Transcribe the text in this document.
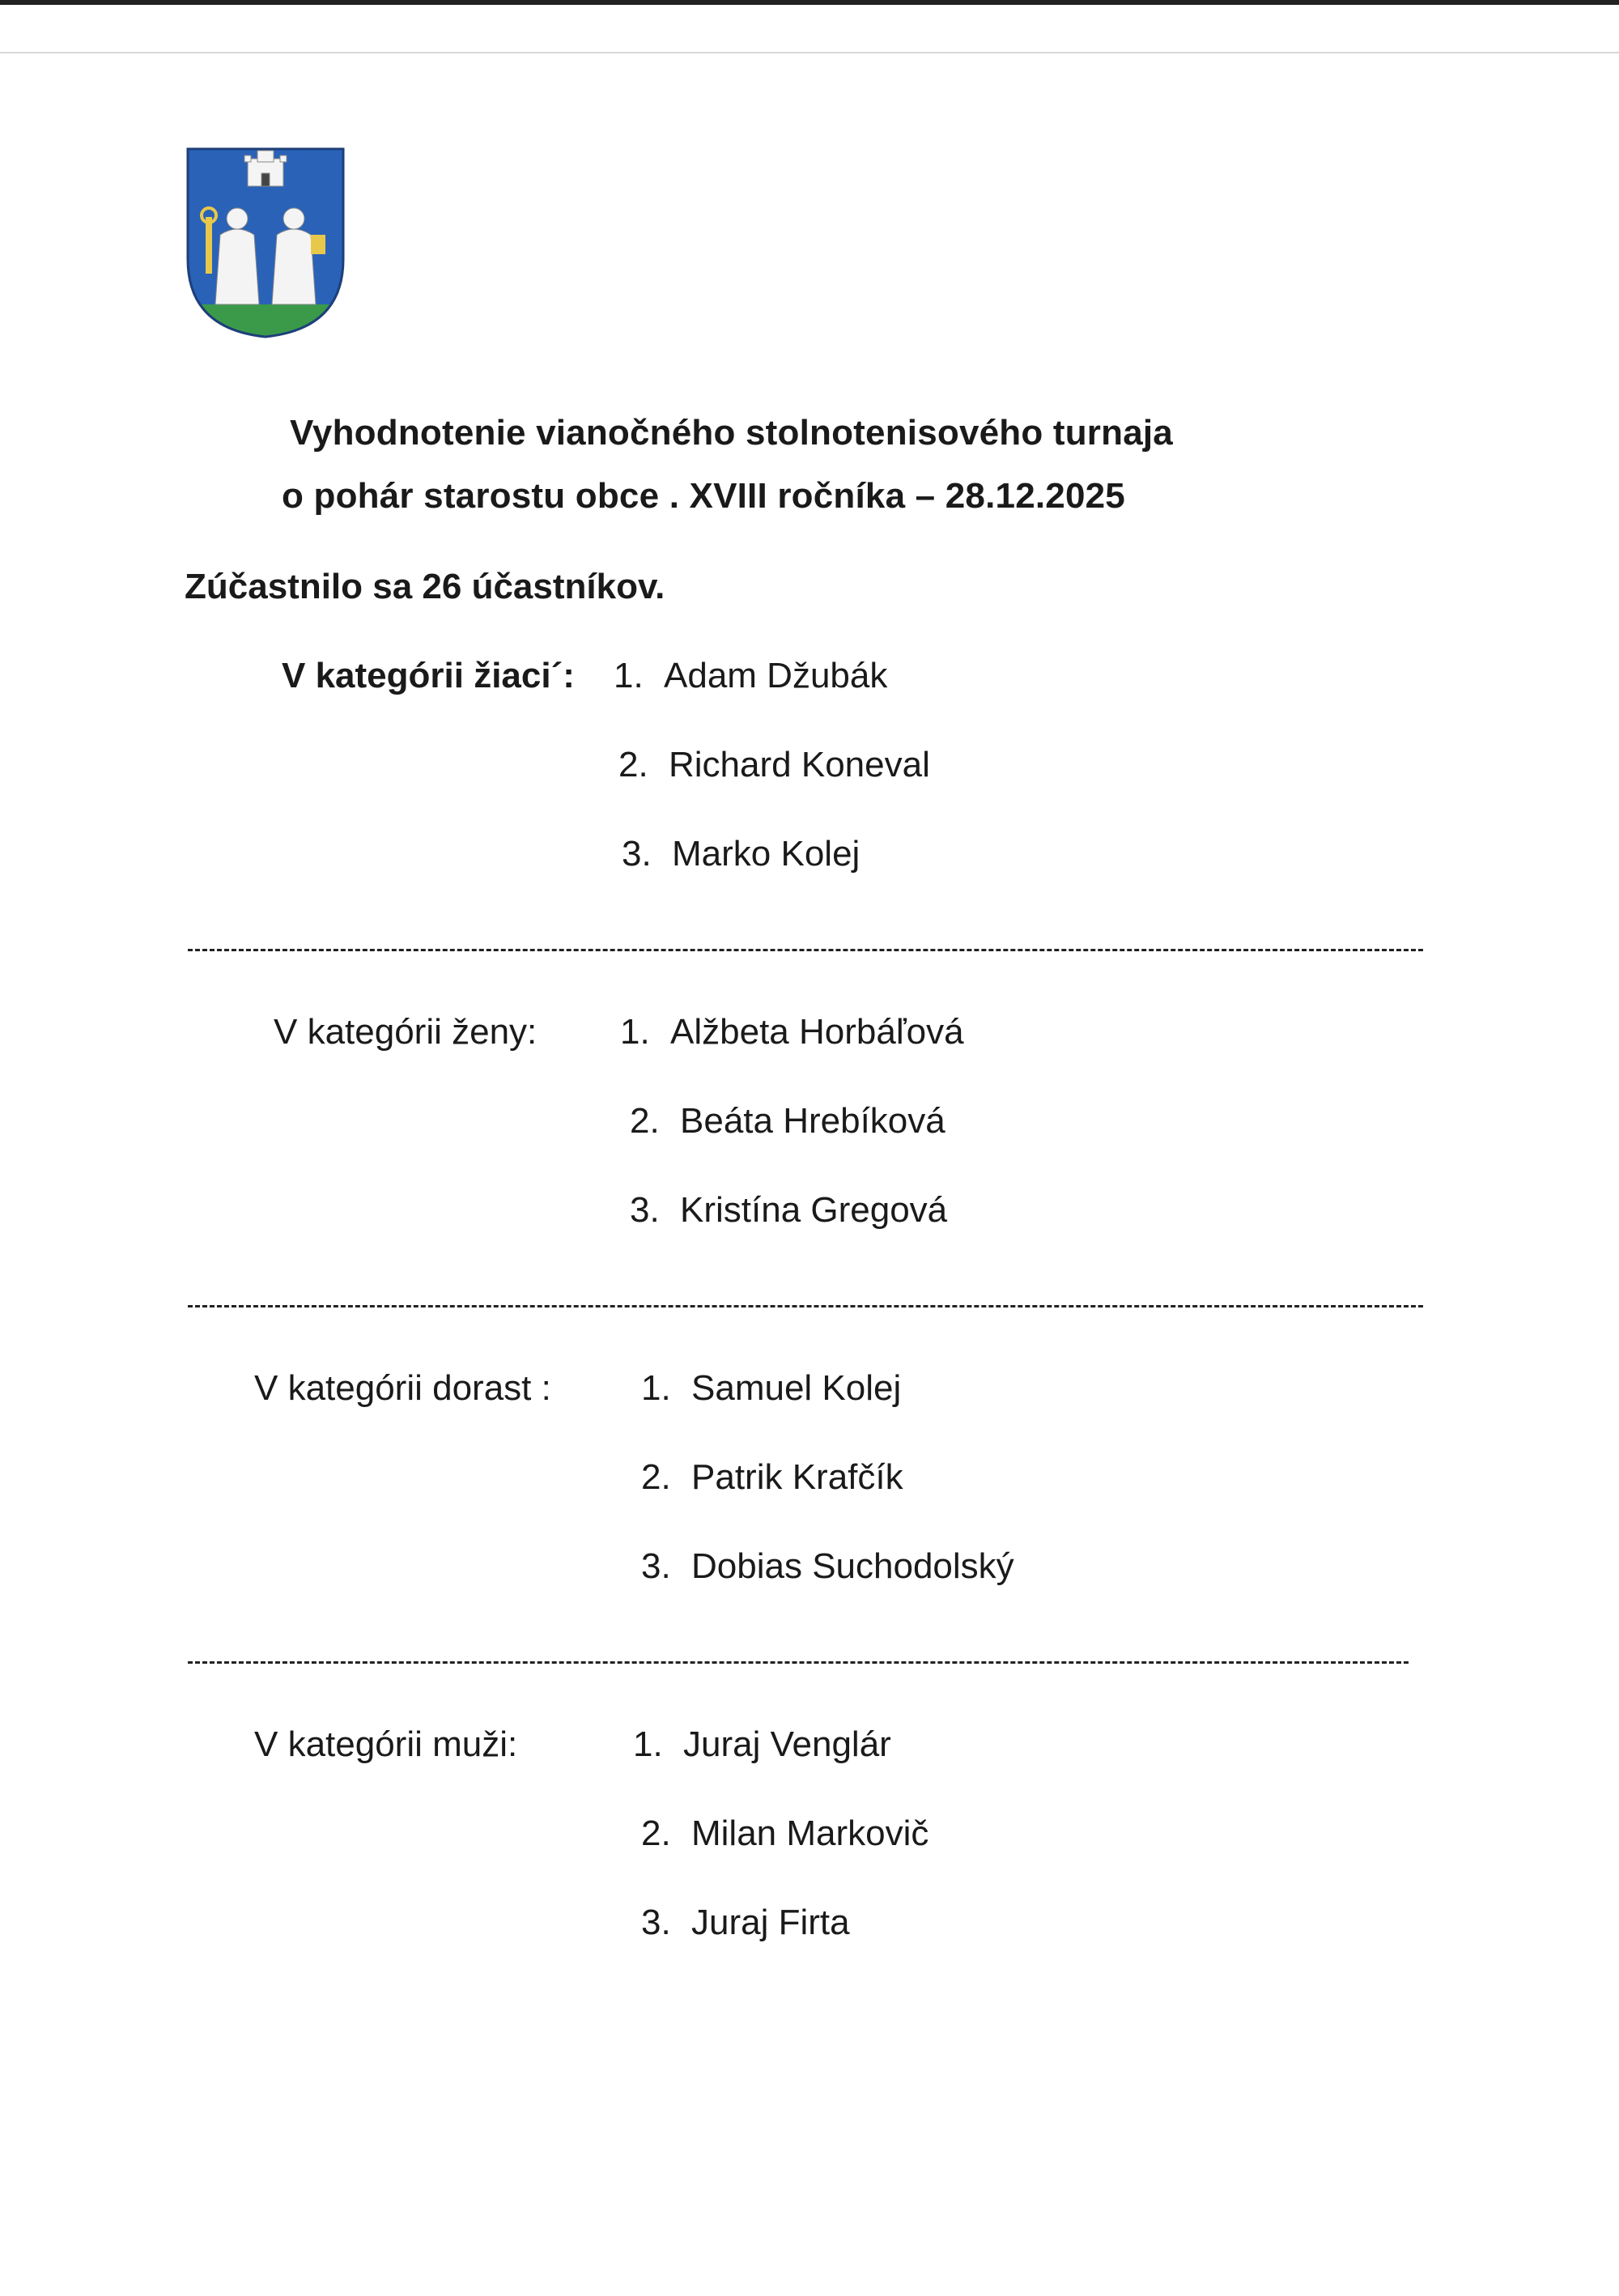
Vyhodnotenie vianočného stolnotenisového turnaja
o pohár starostu obce . XVIII ročníka – 28.12.2025
Zúčastnilo sa 26 účastníkov.
V kategórii žiaci´: 1. Adam Džubák
2. Richard Koneval
3. Marko Kolej
V kategórii ženy: 1. Alžbeta Horbáľová
2. Beáta Hrebíková
3. Kristína Gregová
V kategórii dorast :	1. Samuel Kolej
2. Patrik Krafčík
3. Dobias Suchodolský
V kategórii muži:	1. Juraj Venglár
2. Milan Markovič
3. Juraj Firta
